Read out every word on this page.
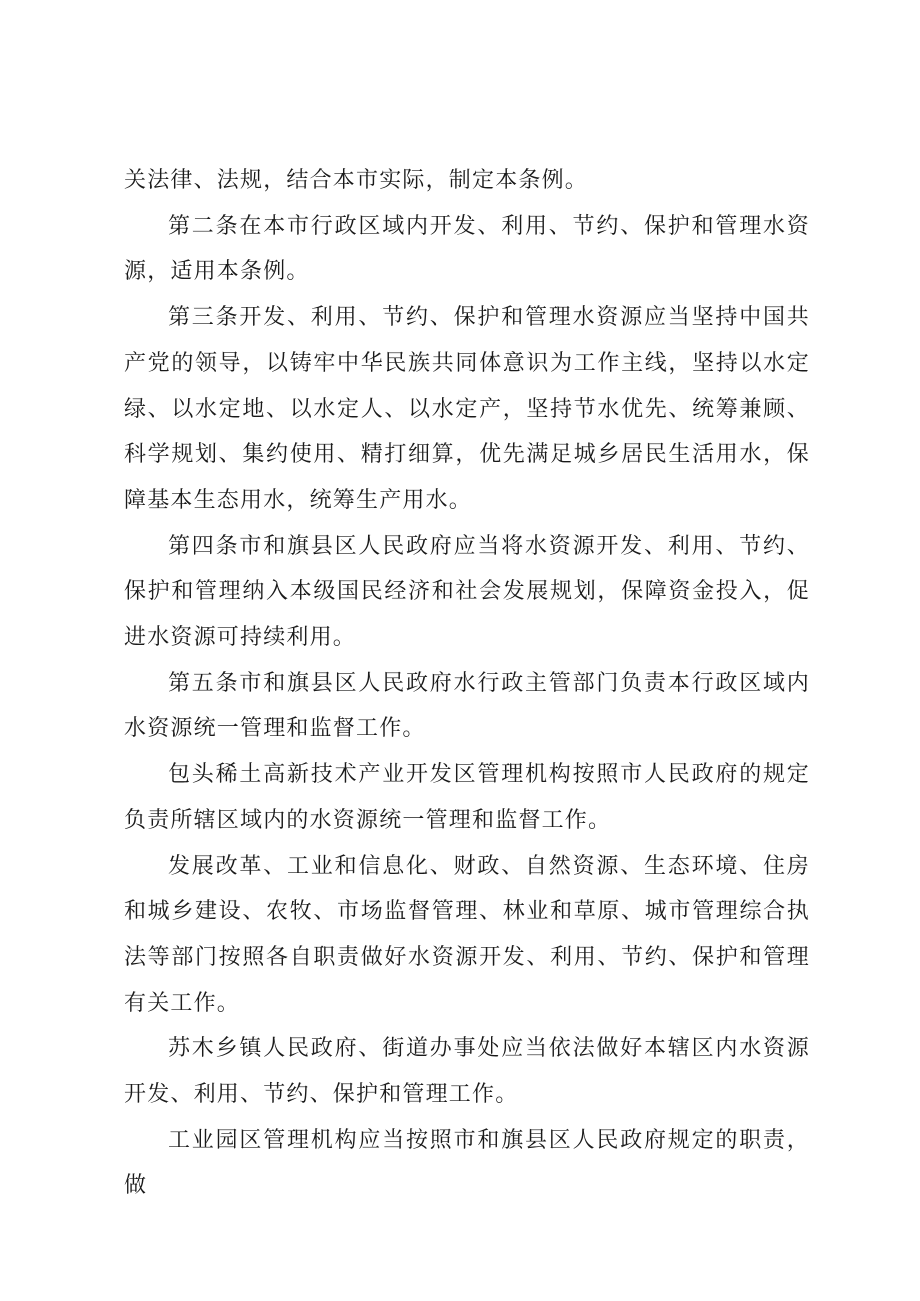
关法律、法规，结合本市实际，制定本条例。

第二条在本市行政区域内开发、利用、节约、保护和管理水资源，适用本条例。

第三条开发、利用、节约、保护和管理水资源应当坚持中国共产党的领导，以铸牢中华民族共同体意识为工作主线，坚持以水定绿、以水定地、以水定人、以水定产，坚持节水优先、统筹兼顾、科学规划、集约使用、精打细算，优先满足城乡居民生活用水，保障基本生态用水，统筹生产用水。

第四条市和旗县区人民政府应当将水资源开发、利用、节约、保护和管理纳入本级国民经济和社会发展规划，保障资金投入，促进水资源可持续利用。

第五条市和旗县区人民政府水行政主管部门负责本行政区域内水资源统一管理和监督工作。

包头稀土高新技术产业开发区管理机构按照市人民政府的规定负责所辖区域内的水资源统一管理和监督工作。

发展改革、工业和信息化、财政、自然资源、生态环境、住房和城乡建设、农牧、市场监督管理、林业和草原、城市管理综合执法等部门按照各自职责做好水资源开发、利用、节约、保护和管理有关工作。

苏木乡镇人民政府、街道办事处应当依法做好本辖区内水资源开发、利用、节约、保护和管理工作。

工业园区管理机构应当按照市和旗县区人民政府规定的职责，做
